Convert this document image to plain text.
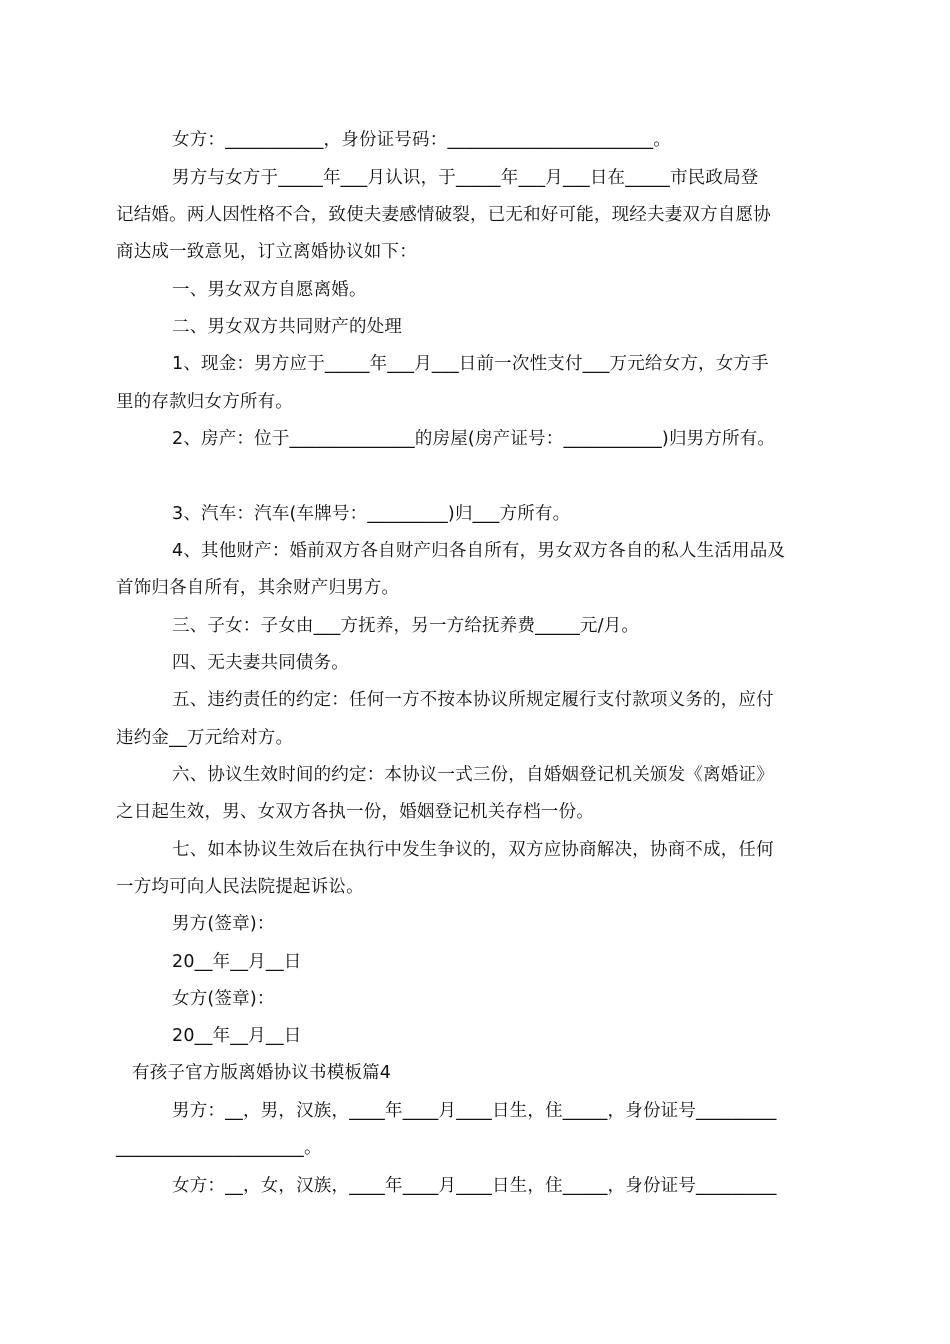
女方：___________，身份证号码：_______________________。
男方与女方于_____年___月认识，于_____年___月___日在_____市民政局登
记结婚。两人因性格不合，致使夫妻感情破裂，已无和好可能，现经夫妻双方自愿协
商达成一致意见，订立离婚协议如下：
一、男女双方自愿离婚。
二、男女双方共同财产的处理
1、现金：男方应于_____年___月___日前一次性支付___万元给女方，女方手
里的存款归女方所有。
2、房产：位于______________的房屋(房产证号：___________)归男方所有。
3、汽车：汽车(车牌号：_________)归___方所有。
4、其他财产：婚前双方各自财产归各自所有，男女双方各自的私人生活用品及
首饰归各自所有，其余财产归男方。
三、子女：子女由___方抚养，另一方给抚养费_____元/月。
四、无夫妻共同债务。
五、违约责任的约定：任何一方不按本协议所规定履行支付款项义务的，应付
违约金__万元给对方。
六、协议生效时间的约定：本协议一式三份，自婚姻登记机关颁发《离婚证》
之日起生效，男、女双方各执一份，婚姻登记机关存档一份。
七、如本协议生效后在执行中发生争议的，双方应协商解决，协商不成，任何
一方均可向人民法院提起诉讼。
男方(签章)：
20__年__月__日
女方(签章)：
20__年__月__日
有孩子官方版离婚协议书模板篇4
男方：__，男，汉族，____年____月____日生，住_____，身份证号_________
_____________________。
女方：__，女，汉族，____年____月____日生，住_____，身份证号_________
